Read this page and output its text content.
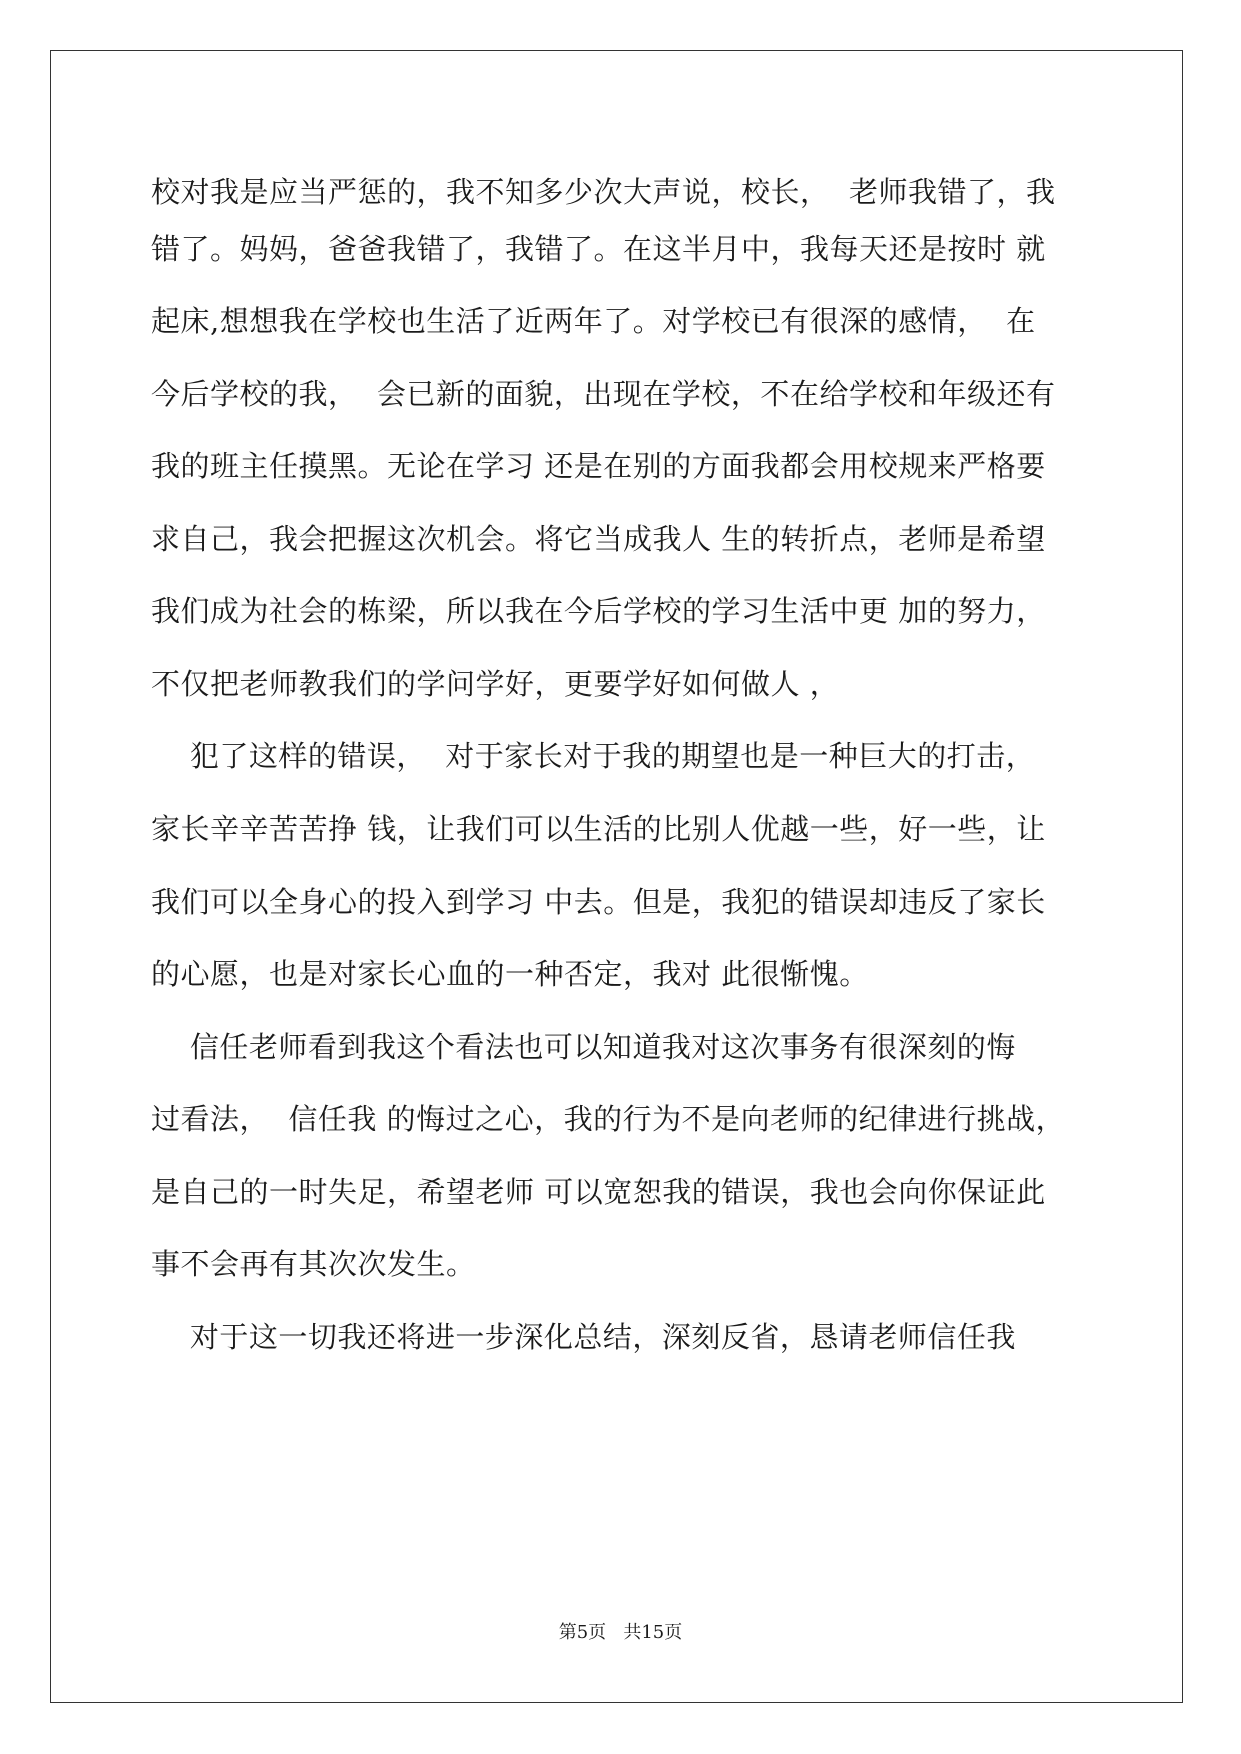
校对我是应当严惩的，我不知多少次大声说，校长，  老师我错了，我
错了。妈妈，爸爸我错了，我错了。在这半月中，我每天还是按时 就
起床,想想我在学校也生活了近两年了。对学校已有很深的感情，  在
今后学校的我，  会已新的面貌，出现在学校，不在给学校和年级还有
我的班主任摸黑。无论在学习 还是在别的方面我都会用校规来严格要
求自己，我会把握这次机会。将它当成我人 生的转折点，老师是希望
我们成为社会的栋梁，所以我在今后学校的学习生活中更 加的努力，
不仅把老师教我们的学问学好，更要学好如何做人 ，
犯了这样的错误，  对于家长对于我的期望也是一种巨大的打击，
家长辛辛苦苦挣 钱，让我们可以生活的比别人优越一些，好一些，让
我们可以全身心的投入到学习 中去。但是，我犯的错误却违反了家长
的心愿，也是对家长心血的一种否定，我对 此很惭愧。
信任老师看到我这个看法也可以知道我对这次事务有很深刻的悔
过看法，  信任我 的悔过之心，我的行为不是向老师的纪律进行挑战，
是自己的一时失足，希望老师 可以宽恕我的错误，我也会向你保证此
事不会再有其次次发生。
对于这一切我还将进一步深化总结，深刻反省，恳请老师信任我
第5页   共15页
